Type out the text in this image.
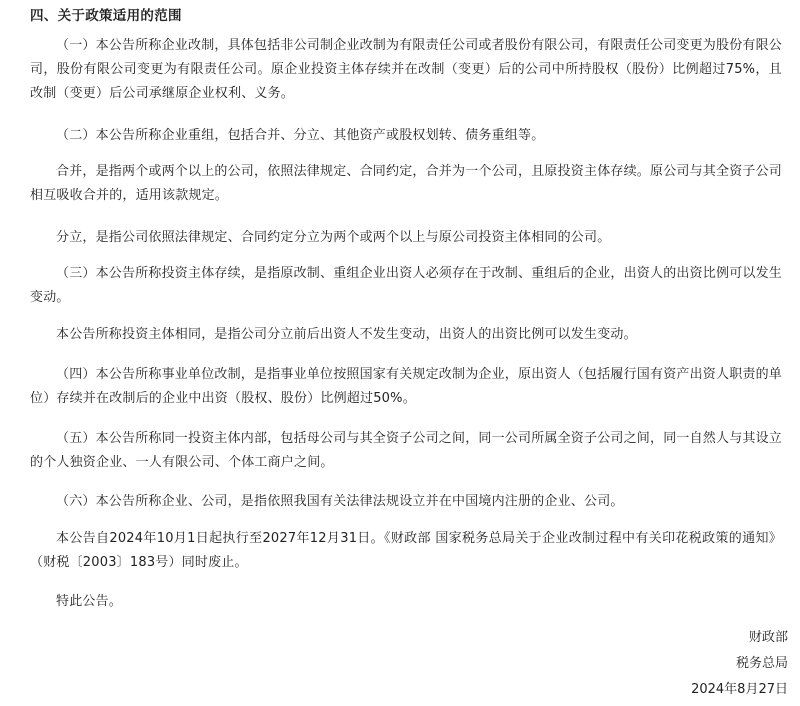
四、关于政策适用的范围
（一）本公告所称企业改制，具体包括非公司制企业改制为有限责任公司或者股份有限公司，有限责任公司变更为股份有限公司，股份有限公司变更为有限责任公司。原企业投资主体存续并在改制（变更）后的公司中所持股权（股份）比例超过75%，且改制（变更）后公司承继原企业权利、义务。
（二）本公告所称企业重组，包括合并、分立、其他资产或股权划转、债务重组等。
合并，是指两个或两个以上的公司，依照法律规定、合同约定，合并为一个公司，且原投资主体存续。原公司与其全资子公司相互吸收合并的，适用该款规定。
分立，是指公司依照法律规定、合同约定分立为两个或两个以上与原公司投资主体相同的公司。
（三）本公告所称投资主体存续，是指原改制、重组企业出资人必须存在于改制、重组后的企业，出资人的出资比例可以发生变动。
本公告所称投资主体相同，是指公司分立前后出资人不发生变动，出资人的出资比例可以发生变动。
（四）本公告所称事业单位改制，是指事业单位按照国家有关规定改制为企业，原出资人（包括履行国有资产出资人职责的单位）存续并在改制后的企业中出资（股权、股份）比例超过50%。
（五）本公告所称同一投资主体内部，包括母公司与其全资子公司之间，同一公司所属全资子公司之间，同一自然人与其设立的个人独资企业、一人有限公司、个体工商户之间。
（六）本公告所称企业、公司，是指依照我国有关法律法规设立并在中国境内注册的企业、公司。
本公告自2024年10月1日起执行至2027年12月31日。《财政部 国家税务总局关于企业改制过程中有关印花税政策的通知》（财税〔2003〕183号）同时废止。
特此公告。
财政部
税务总局
2024年8月27日
